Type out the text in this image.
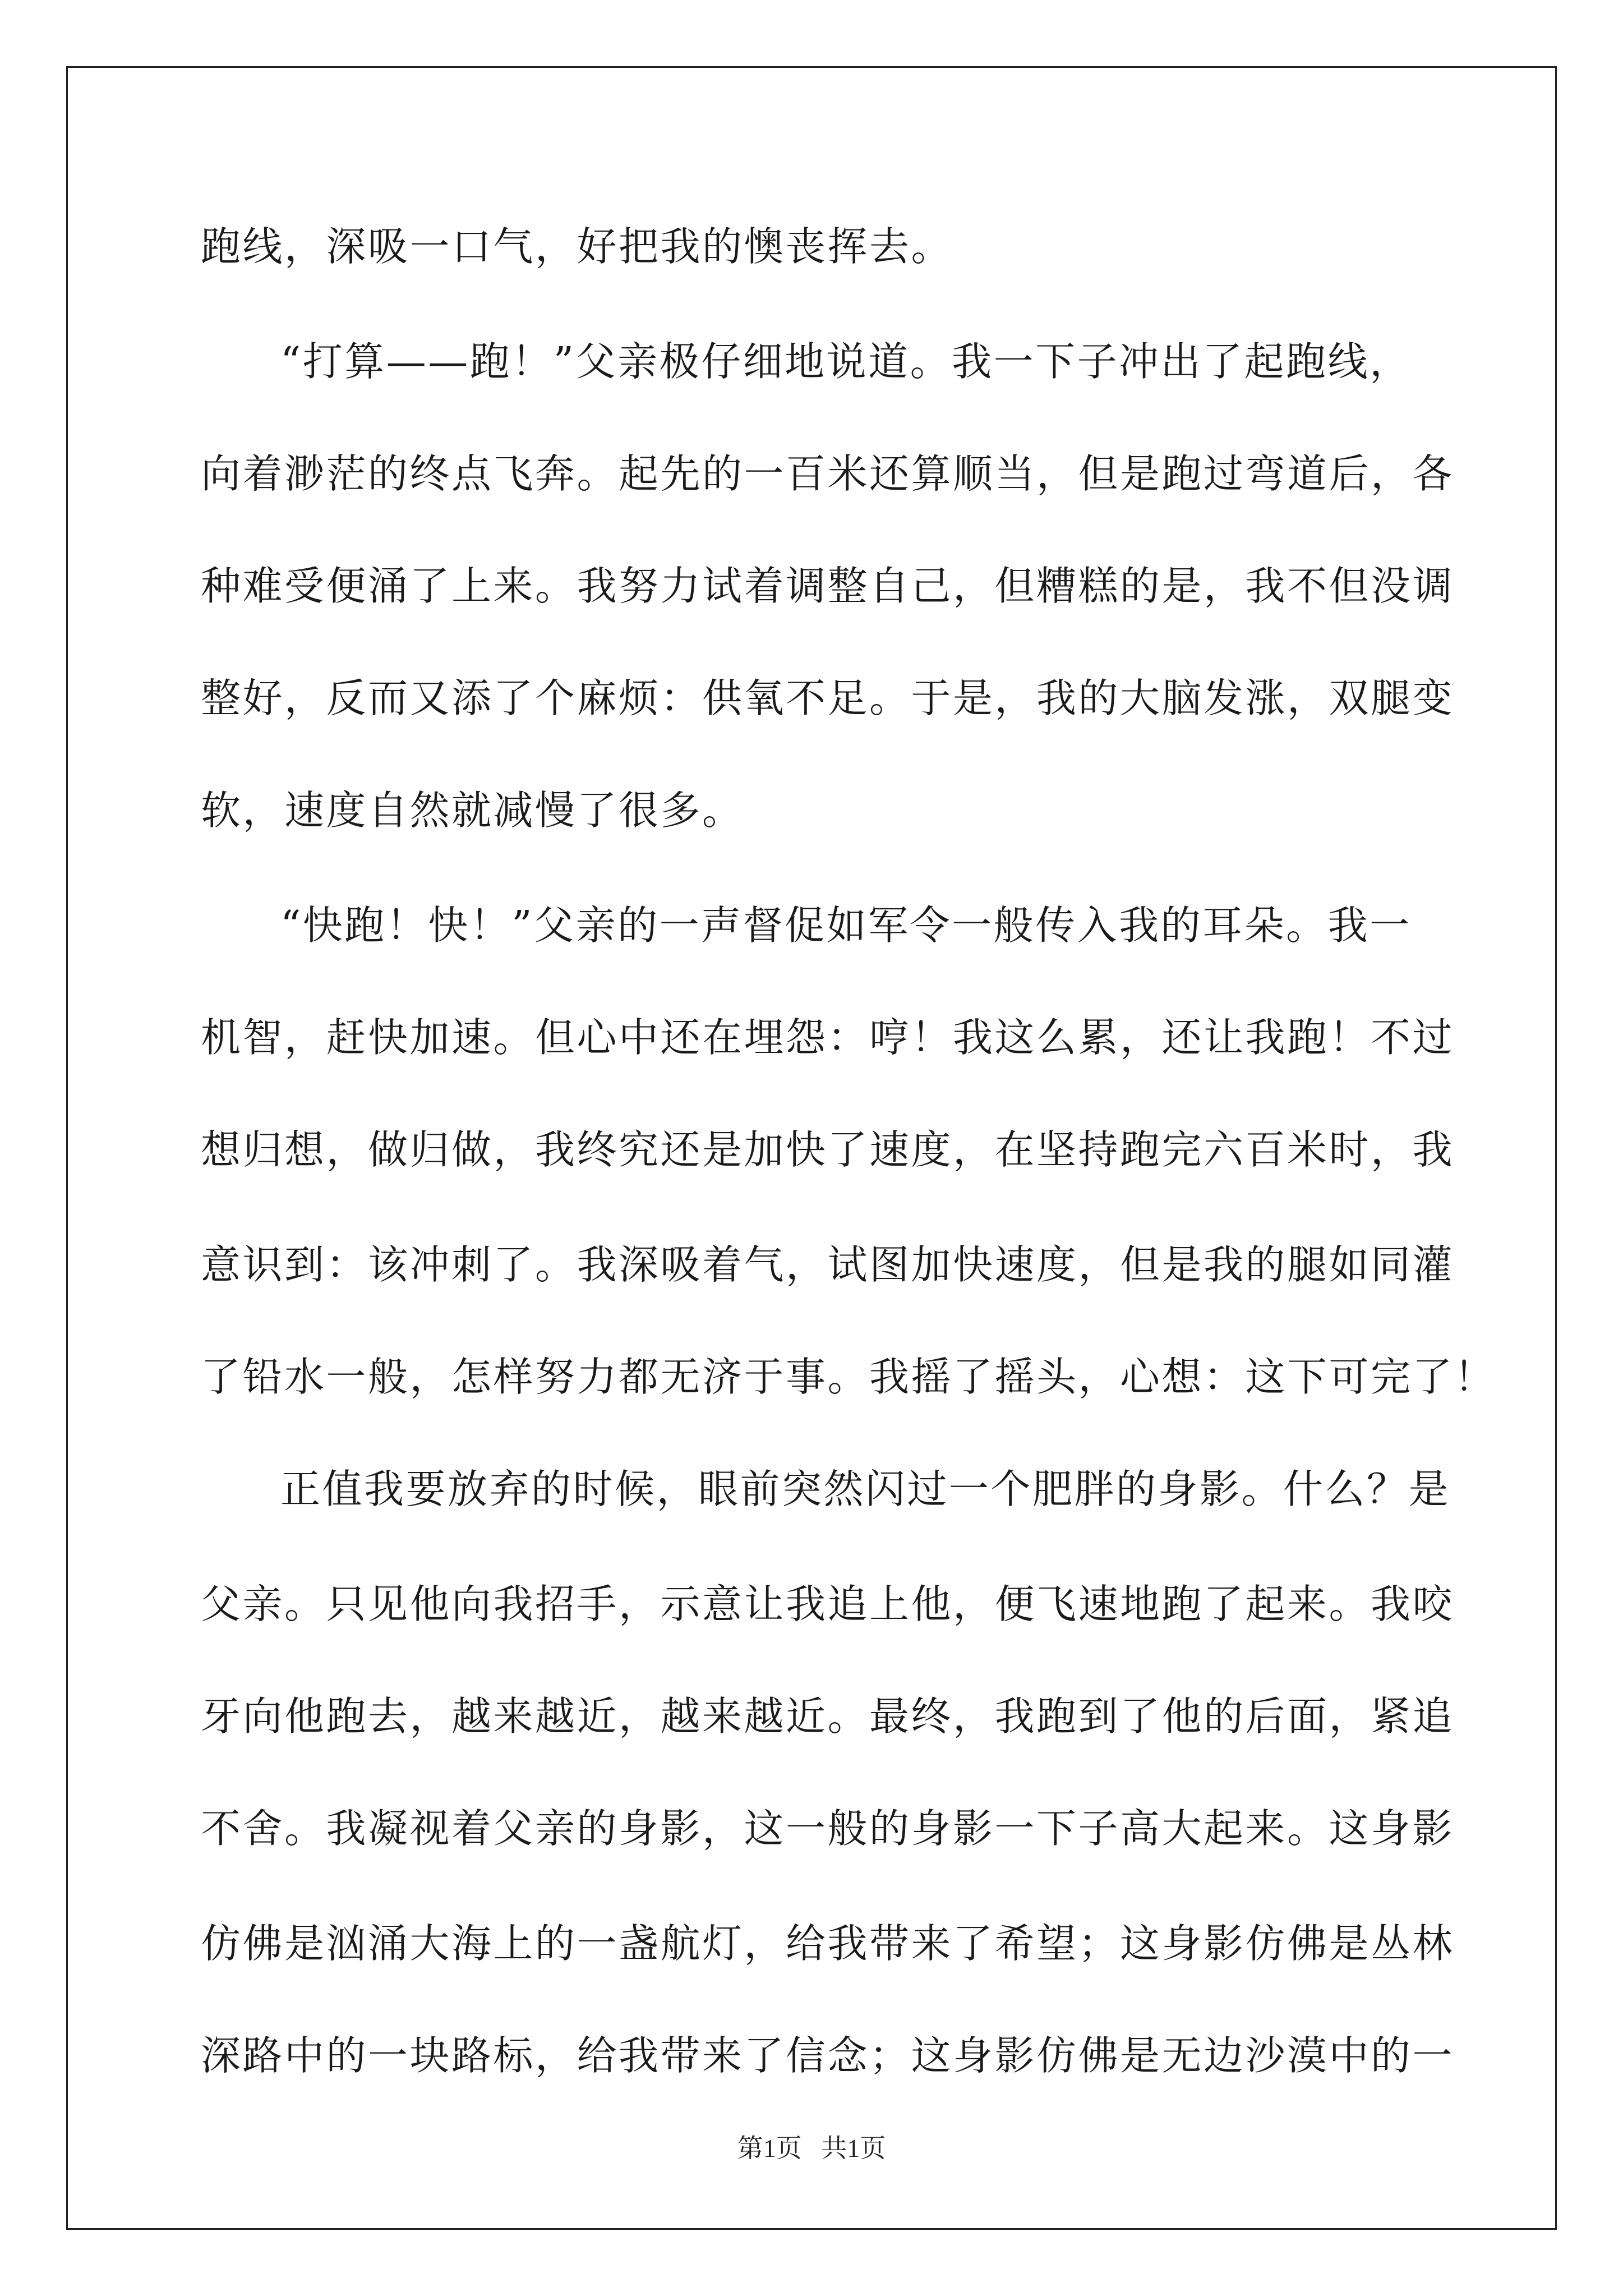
跑线，深吸一口气，好把我的懊丧挥去。
“打算——跑！”父亲极仔细地说道。我一下子冲出了起跑线，
向着渺茫的终点飞奔。起先的一百米还算顺当，但是跑过弯道后，各
种难受便涌了上来。我努力试着调整自己，但糟糕的是，我不但没调
整好，反而又添了个麻烦：供氧不足。于是，我的大脑发涨，双腿变
软，速度自然就减慢了很多。
“快跑！快！”父亲的一声督促如军令一般传入我的耳朵。我一
机智，赶快加速。但心中还在埋怨：哼！我这么累，还让我跑！不过
想归想，做归做，我终究还是加快了速度，在坚持跑完六百米时，我
意识到：该冲刺了。我深吸着气，试图加快速度，但是我的腿如同灌
了铅水一般，怎样努力都无济于事。我摇了摇头，心想：这下可完了！
正值我要放弃的时候，眼前突然闪过一个肥胖的身影。什么？是
父亲。只见他向我招手，示意让我追上他，便飞速地跑了起来。我咬
牙向他跑去，越来越近，越来越近。最终，我跑到了他的后面，紧追
不舍。我凝视着父亲的身影，这一般的身影一下子高大起来。这身影
仿佛是汹涌大海上的一盏航灯，给我带来了希望；这身影仿佛是丛林
深路中的一块路标，给我带来了信念；这身影仿佛是无边沙漠中的一
第1页   共1页
